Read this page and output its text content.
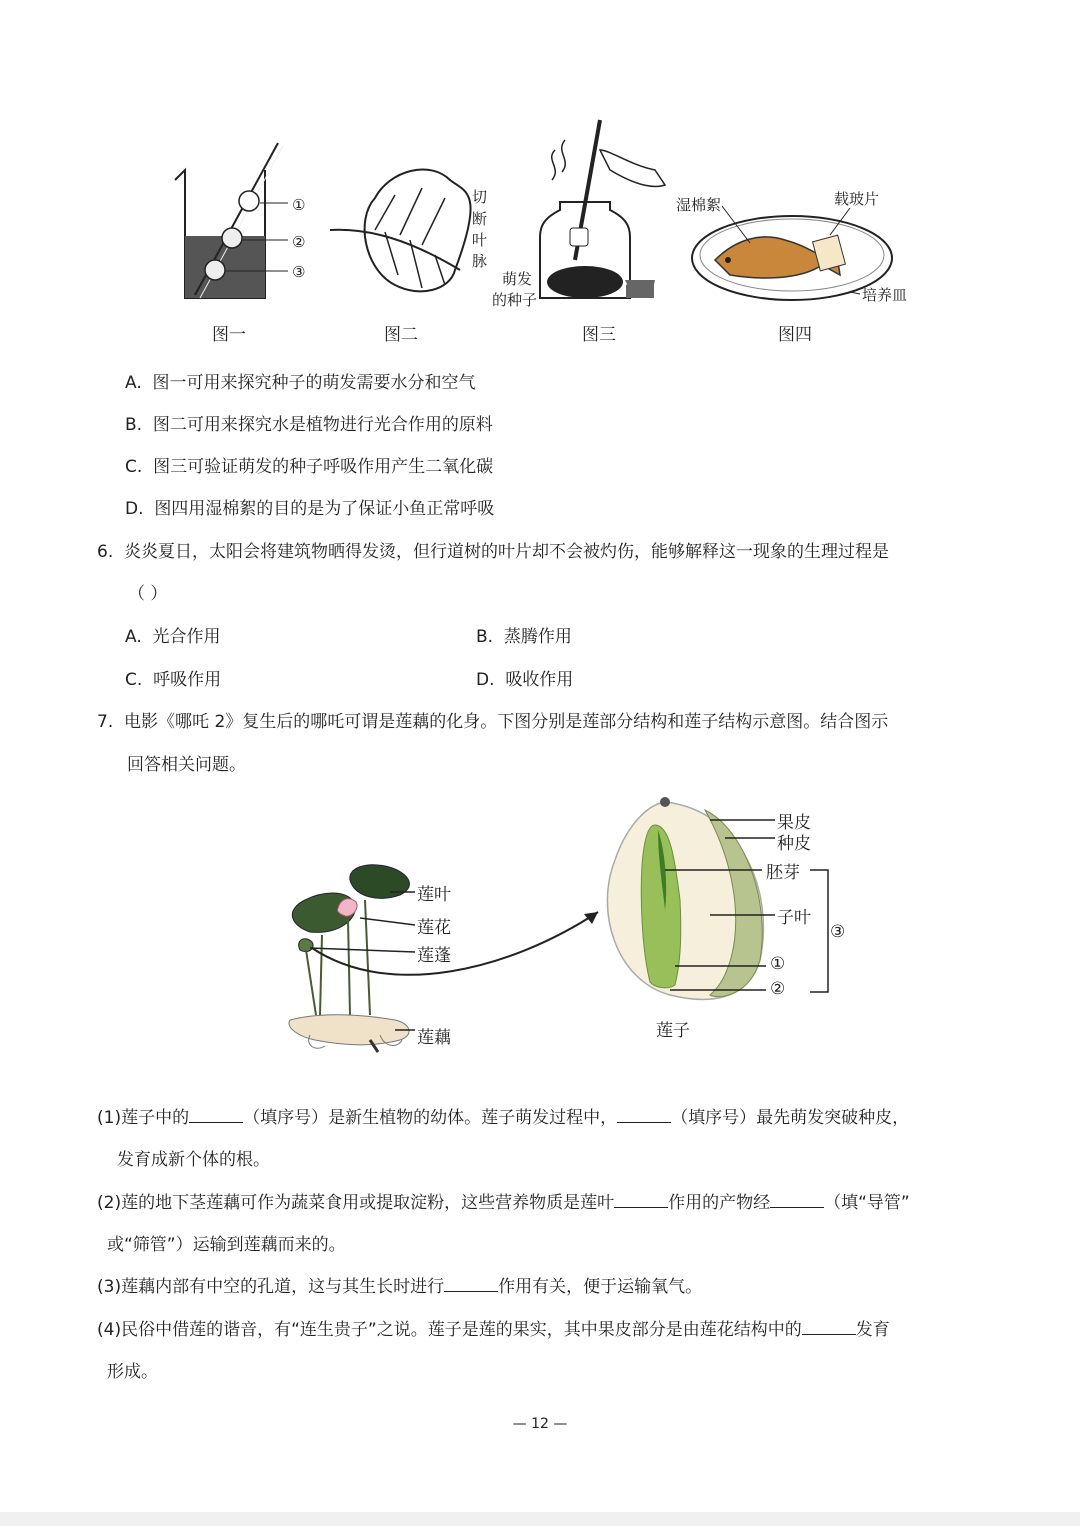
①
②
③
图一
切
断
叶
脉
图二
萌发
的种子
图三
湿棉絮	载玻片
培养皿
图四
A. 图一可用来探究种子的萌发需要水分和空气
B. 图二可用来探究水是植物进行光合作用的原料
C. 图三可验证萌发的种子呼吸作用产生二氧化碳
D. 图四用湿棉絮的目的是为了保证小鱼正常呼吸
6. 炎炎夏日，太阳会将建筑物晒得发烫，但行道树的叶片却不会被灼伤，能够解释这一现象的生理过程是
（ ）
A. 光合作用	B. 蒸腾作用
C. 呼吸作用	D. 吸收作用
7. 电影《哪吒 2》复生后的哪吒可谓是莲藕的化身。下图分别是莲部分结构和莲子结构示意图。结合图示
回答相关问题。
莲叶
莲花
莲蓬
莲藕
果皮
种皮
胚芽
子叶
①
②
③
莲子
(1)莲子中的	（填序号）是新生植物的幼体。莲子萌发过程中，	（填序号）最先萌发突破种皮，
发育成新个体的根。
(2)莲的地下茎莲藕可作为蔬菜食用或提取淀粉，这些营养物质是莲叶	作用的产物经	（填“导管”
或“筛管”）运输到莲藕而来的。
(3)莲藕内部有中空的孔道，这与其生长时进行	作用有关，便于运输氧气。
(4)民俗中借莲的谐音，有“连生贵子”之说。莲子是莲的果实，其中果皮部分是由莲花结构中的	发育
形成。
— 12 —
